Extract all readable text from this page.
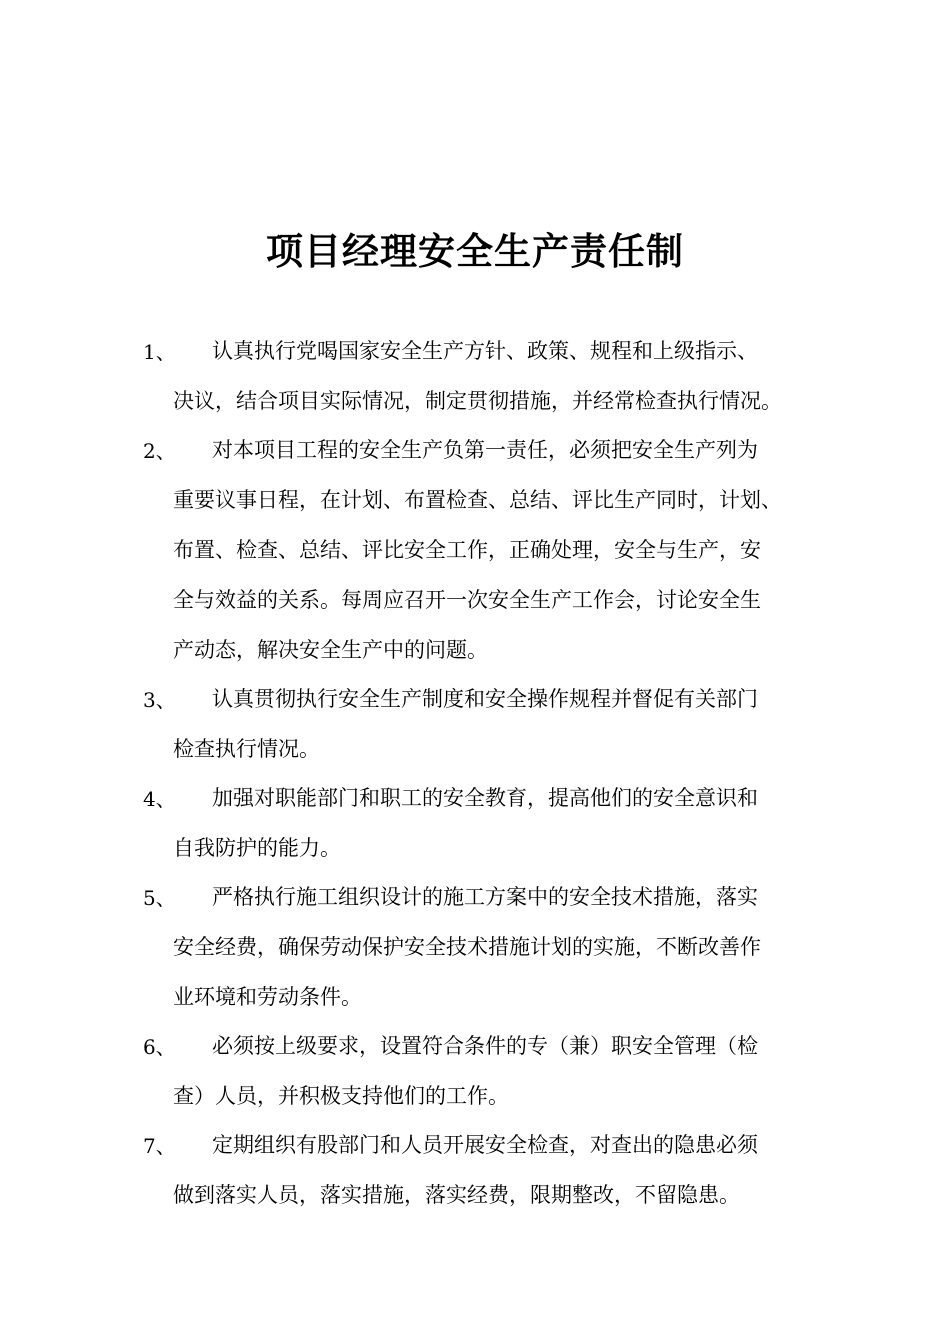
项目经理安全生产责任制
1、 认真执行党喝国家安全生产方针、政策、规程和上级指示、
决议，结合项目实际情况，制定贯彻措施，并经常检查执行情况。
2、 对本项目工程的安全生产负第一责任，必须把安全生产列为
重要议事日程，在计划、布置检查、总结、评比生产同时，计划、
布置、检查、总结、评比安全工作，正确处理，安全与生产，安
全与效益的关系。每周应召开一次安全生产工作会，讨论安全生
产动态，解决安全生产中的问题。
3、 认真贯彻执行安全生产制度和安全操作规程并督促有关部门
检查执行情况。
4、 加强对职能部门和职工的安全教育，提高他们的安全意识和
自我防护的能力。
5、 严格执行施工组织设计的施工方案中的安全技术措施，落实
安全经费，确保劳动保护安全技术措施计划的实施，不断改善作
业环境和劳动条件。
6、 必须按上级要求，设置符合条件的专（兼）职安全管理（检
查）人员，并积极支持他们的工作。
7、 定期组织有股部门和人员开展安全检查，对查出的隐患必须
做到落实人员，落实措施，落实经费，限期整改，不留隐患。
